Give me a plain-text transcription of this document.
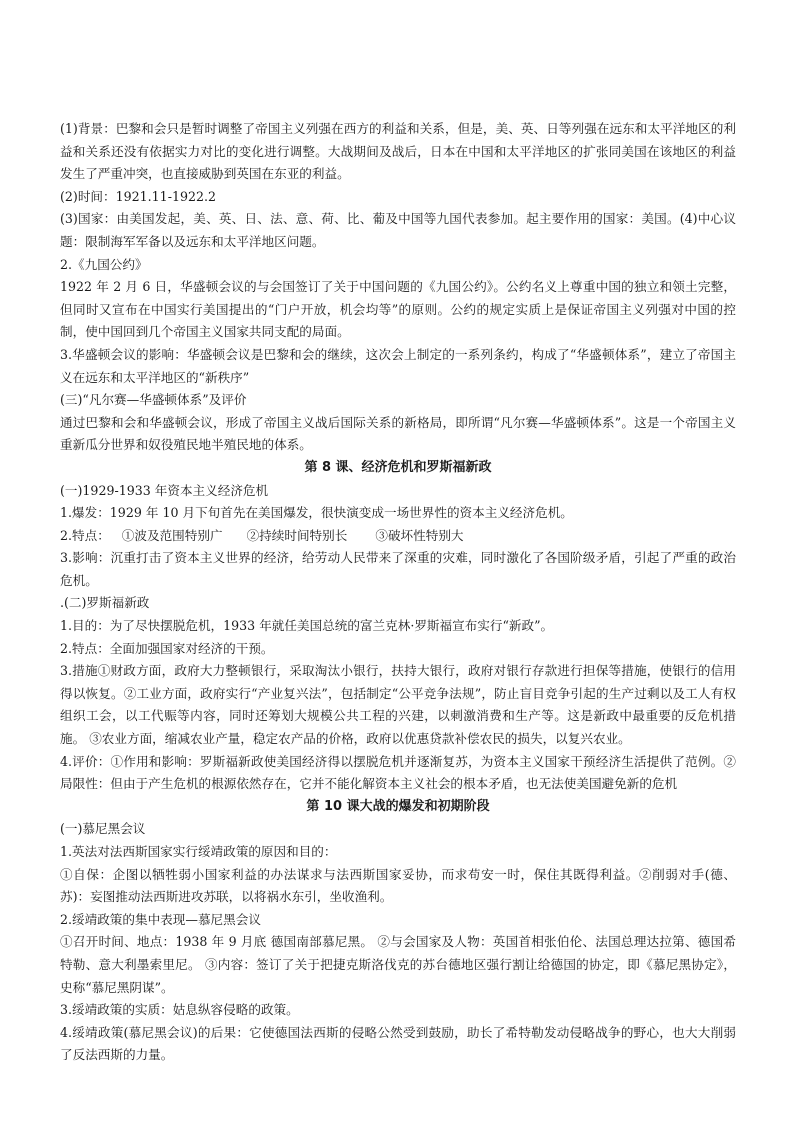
(1)背景：巴黎和会只是暂时调整了帝国主义列强在西方的利益和关系，但是，美、英、日等列强在远东和太平洋地区的利益和关系还没有依据实力对比的变化进行调整。大战期间及战后，日本在中国和太平洋地区的扩张同美国在该地区的利益发生了严重冲突，也直接威胁到英国在东亚的利益。
(2)时间：1921.11-1922.2
(3)国家：由美国发起，美、英、日、法、意、荷、比、葡及中国等九国代表参加。起主要作用的国家：美国。(4)中心议题：限制海军军备以及远东和太平洋地区问题。
2.《九国公约》
1922 年 2 月 6 日，华盛顿会议的与会国签订了关于中国问题的《九国公约》。公约名义上尊重中国的独立和领土完整，但同时又宣布在中国实行美国提出的“门户开放，机会均等”的原则。公约的规定实质上是保证帝国主义列强对中国的控制，使中国回到几个帝国主义国家共同支配的局面。
3.华盛顿会议的影响：华盛顿会议是巴黎和会的继续，这次会上制定的一系列条约，构成了“华盛顿体系”，建立了帝国主义在远东和太平洋地区的“新秩序”
(三)“凡尔赛—华盛顿体系”及评价
通过巴黎和会和华盛顿会议，形成了帝国主义战后国际关系的新格局，即所谓“凡尔赛—华盛顿体系”。这是一个帝国主义重新瓜分世界和奴役殖民地半殖民地的体系。
第 8 课、经济危机和罗斯福新政
(一)1929-1933 年资本主义经济危机
1.爆发：1929 年 10 月下旬首先在美国爆发，很快演变成一场世界性的资本主义经济危机。
2.特点：   ①波及范围特别广      ②持续时间特别长       ③破坏性特别大
3.影响：沉重打击了资本主义世界的经济，给劳动人民带来了深重的灾难，同时激化了各国阶级矛盾，引起了严重的政治危机。
.(二)罗斯福新政
1.目的：为了尽快摆脱危机，1933 年就任美国总统的富兰克林·罗斯福宣布实行“新政”。
2.特点：全面加强国家对经济的干预。
3.措施①财政方面，政府大力整顿银行，采取淘汰小银行，扶持大银行，政府对银行存款进行担保等措施，使银行的信用得以恢复。②工业方面，政府实行“产业复兴法”，包括制定“公平竞争法规”，防止盲目竞争引起的生产过剩以及工人有权组织工会，以工代赈等内容，同时还筹划大规模公共工程的兴建，以刺激消费和生产等。这是新政中最重要的反危机措施。 ③农业方面，缩减农业产量，稳定农产品的价格，政府以优惠贷款补偿农民的损失，以复兴农业。
4.评价：①作用和影响：罗斯福新政使美国经济得以摆脱危机并逐渐复苏，为资本主义国家干预经济生活提供了范例。②局限性：但由于产生危机的根源依然存在，它并不能化解资本主义社会的根本矛盾，也无法使美国避免新的危机
第 10 课大战的爆发和初期阶段
(一)慕尼黑会议
1.英法对法西斯国家实行绥靖政策的原因和目的：
①自保：企图以牺牲弱小国家利益的办法谋求与法西斯国家妥协，而求苟安一时，保住其既得利益。②削弱对手(德、苏)：妄图推动法西斯进攻苏联，以将祸水东引，坐收渔利。
2.绥靖政策的集中表现—慕尼黑会议
①召开时间、地点：1938 年 9 月底 德国南部慕尼黑。 ②与会国家及人物：英国首相张伯伦、法国总理达拉第、德国希特勒、意大利墨索里尼。 ③内容：签订了关于把捷克斯洛伐克的苏台德地区强行割让给德国的协定，即《慕尼黑协定》，史称“慕尼黑阴谋”。
3.绥靖政策的实质：姑息纵容侵略的政策。
4.绥靖政策(慕尼黑会议)的后果：它使德国法西斯的侵略公然受到鼓励，助长了希特勒发动侵略战争的野心，也大大削弱了反法西斯的力量。
